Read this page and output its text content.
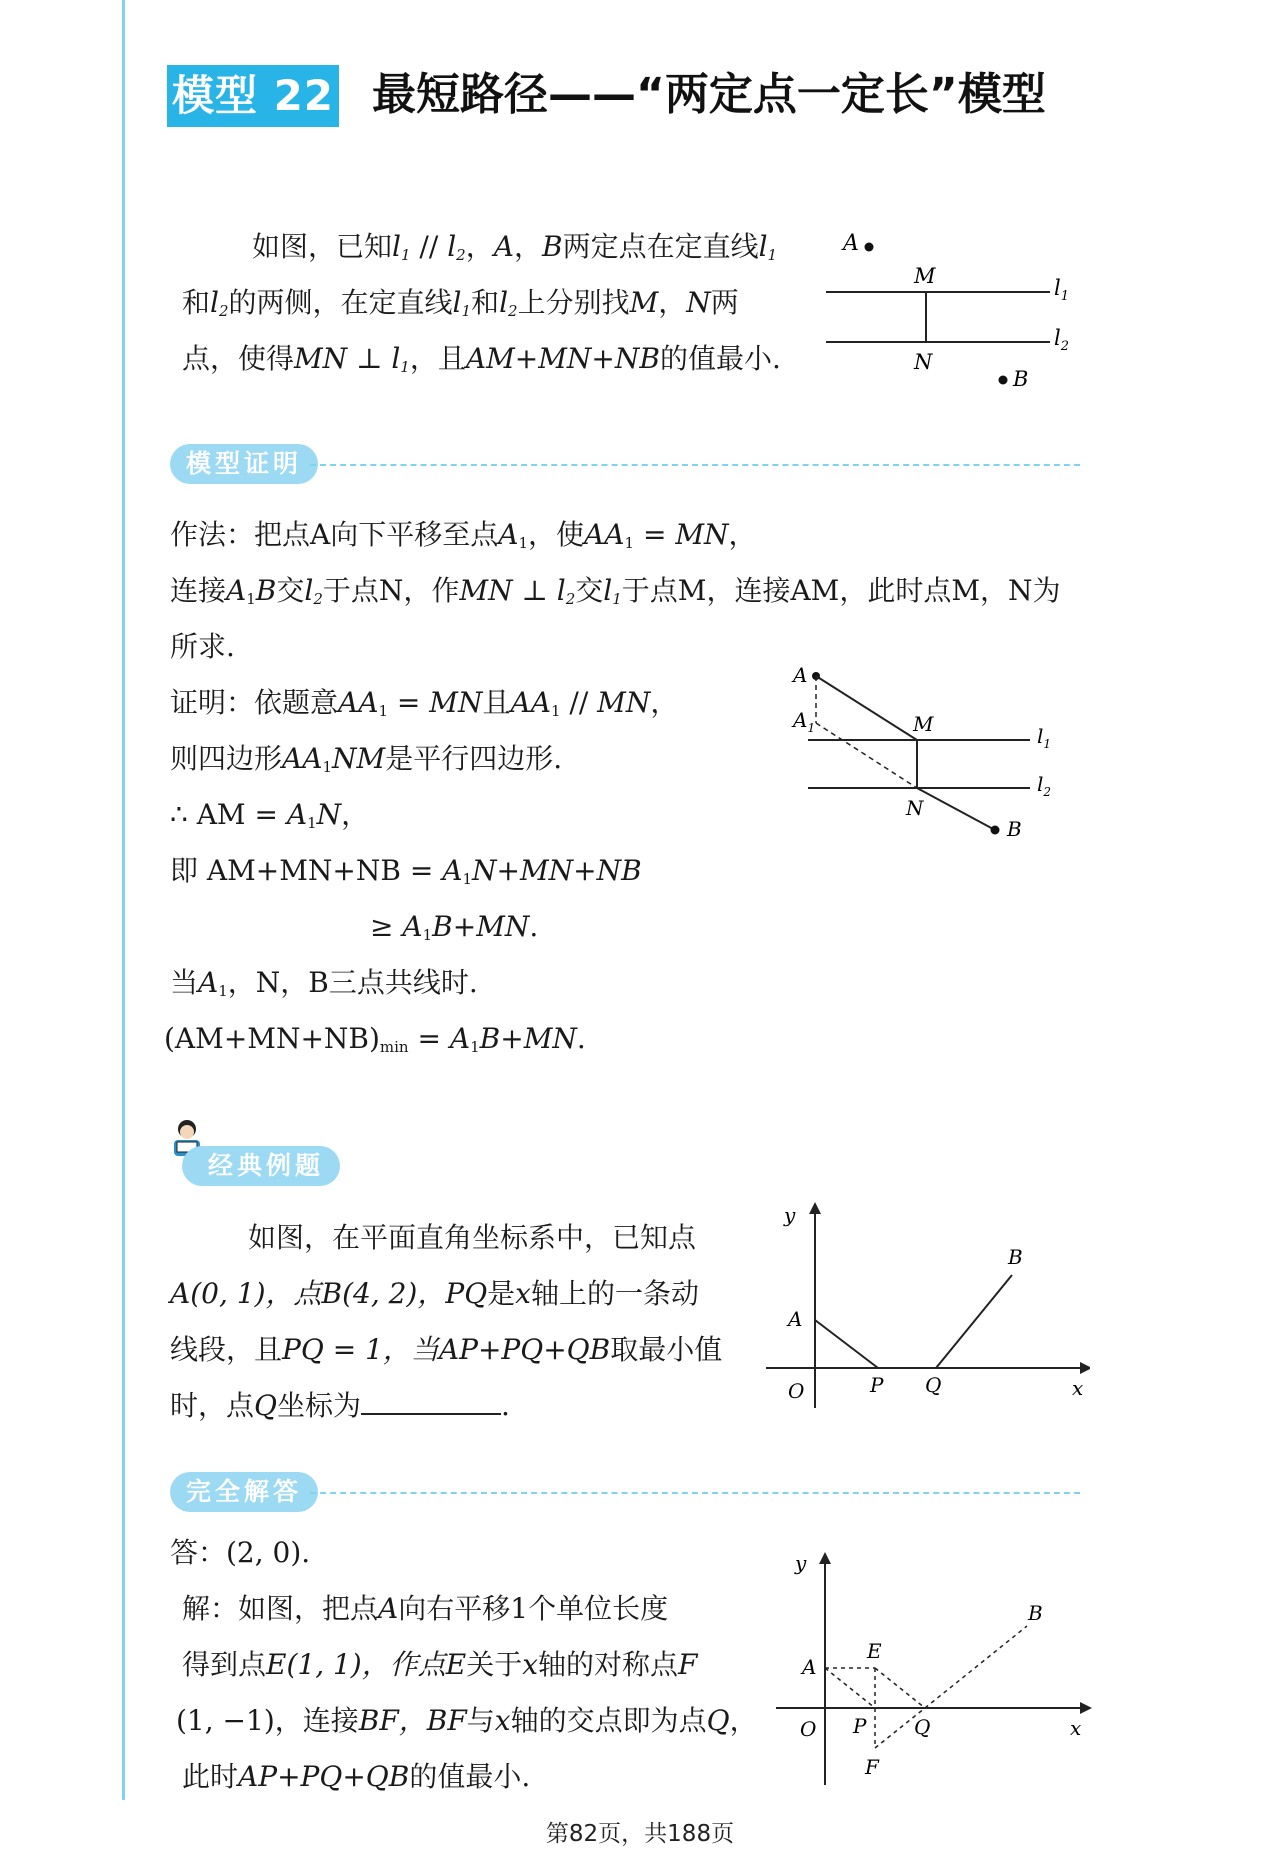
模型 22 最短路径——“两定点一定长”模型
如图，已知$l_1 // l_2$，A，B两定点在定直线$l_1$
和$l_2$的两侧，在定直线$l_1$和$l_2$上分别找M，N两
点，使得MN ⊥ $l_1$，且AM+MN+NB的值最小.
A
M
N
$l_1$
$l_2$
B
模型证明
作法：把点A向下平移至点$A_1$，使$AA_1$ = MN，
连接$A_1B$交$l_2$于点N，作MN ⊥ $l_2$交$l_1$于点M，连接AM，此时点M，N为
所求.
证明：依题意$AA_1$ = MN且$AA_1$ // MN，
则四边形$AA_1NM$是平行四边形.
∴ AM = $A_1N$，
即 $AM+MN+NB = A_1N+MN+NB$
≥ $A_1B+MN$.
当$A_1$，N，B三点共线时.
$(AM+MN+NB)_{min} = A_1B+MN$.
A
$A_1$	M
N
B
$l_1$
$l_2$
经典例题
如图，在平面直角坐标系中，已知点
A(0, 1)，点B(4, 2)，PQ是x轴上的一条动
线段，且PQ = 1，当AP+PQ+QB取最小值
时，点Q坐标为	.
y
x
O
A
P Q
B
完全解答
答：(2, 0).
解：如图，把点A向右平移1个单位长度
得到点E(1, 1)，作点E关于x轴的对称点F
(1, −1)，连接BF，BF与x轴的交点即为点Q，
此时AP+PQ+QB的值最小.
y
x
O
A
E
P Q
F
B
第82页，共188页
